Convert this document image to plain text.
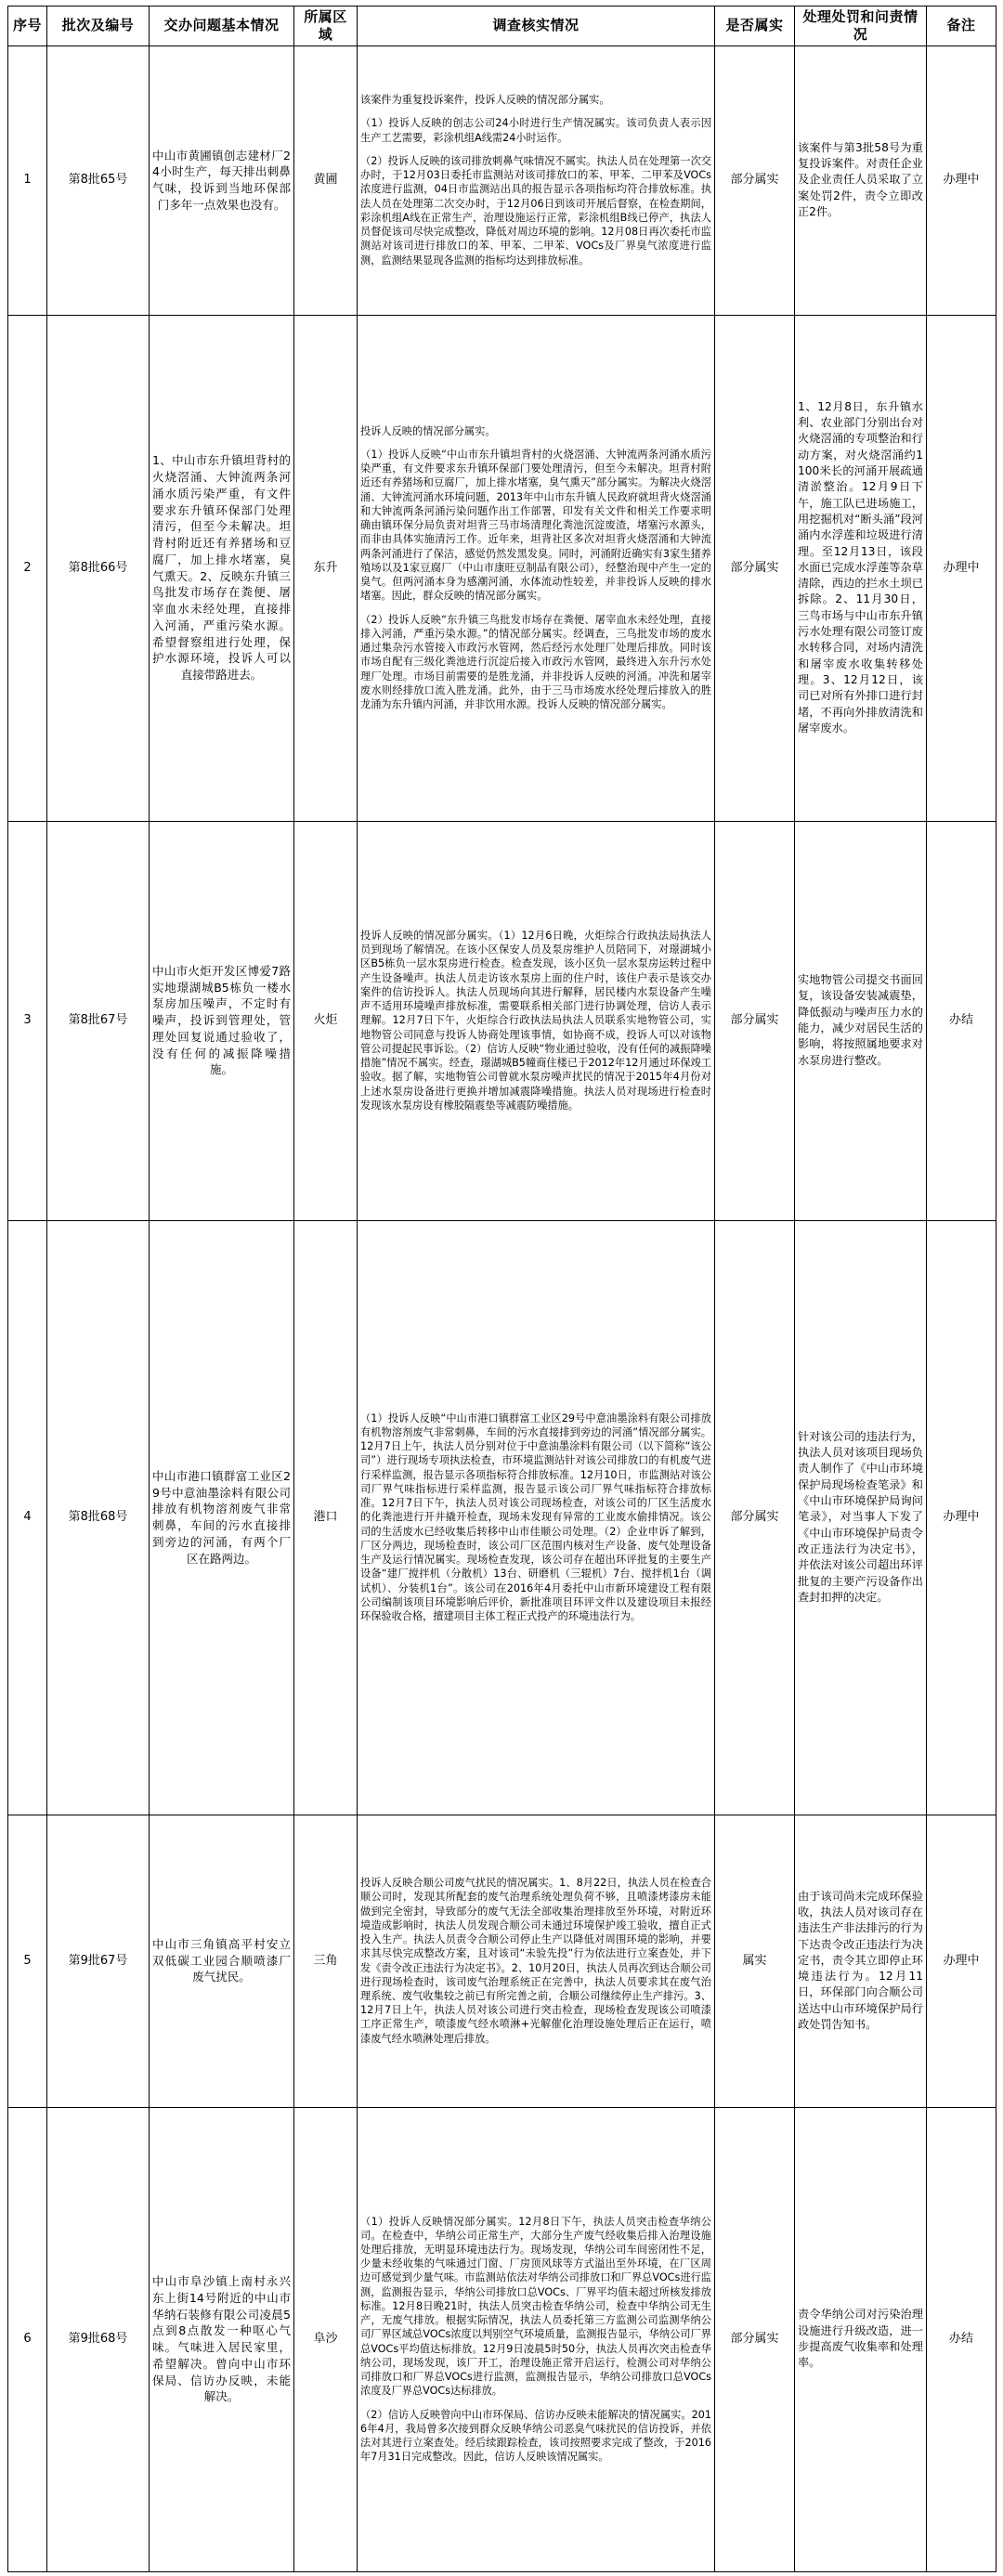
序号	批次及编号	交办问题基本情况	所属区域	调查核实情况	是否属实	处理处罚和问责情况	备注
1	第8批65号	中山市黄圃镇创志建材厂24小时生产，每天排出刺鼻气味，投诉到当地环保部门多年一点效果也没有。	黄圃	该案件为重复投诉案件，投诉人反映的情况部分属实。
（1）投诉人反映的创志公司24小时进行生产情况属实。该司负责人表示因生产工艺需要，彩涂机组A线需24小时运作。
（2）投诉人反映的该司排放刺鼻气味情况不属实。执法人员在处理第一次交办时，于12月03日委托市监测站对该司排放口的苯、甲苯、二甲苯及VOCs浓度进行监测，04日市监测站出具的报告显示各项指标均符合排放标准。执法人员在处理第二次交办时，于12月06日到该司开展后督察，在检查期间，彩涂机组A线在正常生产，治理设施运行正常，彩涂机组B线已停产，执法人员督促该司尽快完成整改，降低对周边环境的影响。12月08日再次委托市监测站对该司进行排放口的苯、甲苯、二甲苯、VOCs及厂界臭气浓度进行监测，监测结果显现各监测的指标均达到排放标准。	部分属实	该案件与第3批58号为重复投诉案件。对责任企业及企业责任人员采取了立案处罚2件，责令立即改正2件。	办理中
2	第8批66号	1、中山市东升镇坦背村的火烧滘涌、大钟流两条河涌水质污染严重，有文件要求东升镇环保部门处理清污，但至今未解决。坦背村附近还有养猪场和豆腐厂，加上排水堵塞，臭气熏天。2、反映东升镇三鸟批发市场存在粪便、屠宰血水未经处理，直接排入河涌，严重污染水源。希望督察组进行处理，保护水源环境，投诉人可以直接带路进去。	东升	
投诉人反映的情况部分属实。
（1）投诉人反映“中山市东升镇坦背村的火烧滘涌、大钟流两条河涌水质污染严重，有文件要求东升镇环保部门要处理清污，但至今未解决。坦背村附近还有养猪场和豆腐厂，加上排水堵塞，臭气熏天”部分属实。为解决火烧滘涌、大钟流河涌水环境问题，2013年中山市东升镇人民政府就坦背火烧滘涌和大钟流两条河涌污染问题作出工作部署，印发有关文件和相关工作要求明确由镇环保分局负责对坦背三马市场清理化粪池沉淀废渣，堵塞污水源头，而非由具体实施清污工作。近年来，坦背社区多次对坦背火烧滘涌和大钟流两条河涌进行了保洁，感觉仍然发黑发臭。同时，河涌附近确实有3家生猪养殖场以及1家豆腐厂（中山市康旺豆制品有限公司），经整治现中产生一定的臭气。但两河涌本身为感潮河涌，水体流动性较差，并非投诉人反映的排水堵塞。因此，群众反映的情况部分属实。
（2）投诉人反映“东升镇三鸟批发市场存在粪便、屠宰血水未经处理，直接排入河涌，严重污染水源。”的情况部分属实。经调查，三鸟批发市场的废水通过集杂污水管接入市政污水管网，然后经污水处理厂处理后排放。同时该市场自配有三级化粪池进行沉淀后接入市政污水管网，最终进入东升污水处理厂处理。市场目前需要的是胜龙涌，并非投诉人反映的河涌。冲洗和屠宰废水则经排放口流入胜龙涌。此外，由于三马市场废水经处理后排放入的胜龙涌为东升镇内河涌，并非饮用水源。投诉人反映的情况部分属实。
	部分属实	1、12月8日，东升镇水利、农业部门分别出台对火烧滘涌的专项整治和行动方案，对火烧滘涌约1100米长的河涌开展疏通清淤整治。12月9日下午，施工队已进场施工，用挖掘机对“断头涌”段河涌内水浮莲和垃圾进行清理。至12月13日，该段水面已完成水浮莲等杂草清除，西边的拦水土坝已拆除。2、11月30日，三鸟市场与中山市东升镇污水处理有限公司签订废水转移合同，对场内清洗和屠宰废水收集转移处理。3、12月12日，该司已对所有外排口进行封堵，不再向外排放清洗和屠宰废水。	办理中
3	第8批67号	中山市火炬开发区博爱7路实地璟湖城B5栋负一楼水泵房加压噪声，不定时有噪声，投诉到管理处，管理处回复说通过验收了，没有任何的减振降噪措施。	火炬	投诉人反映的情况部分属实。（1）12月6日晚，火炬综合行政执法局执法人员到现场了解情况。在该小区保安人员及泵房维护人员陪同下，对璟湖城小区B5栋负一层水泵房进行检查。检查发现，该小区负一层水泵房运转过程中产生设备噪声。执法人员走访该水泵房上面的住户时，该住户表示是该交办案件的信访投诉人。执法人员现场向其进行解释，居民楼内水泵设备产生噪声不适用环境噪声排放标准，需要联系相关部门进行协调处理，信访人表示理解。12月7日下午，火炬综合行政执法局执法人员联系实地物管公司，实地物管公司同意与投诉人协商处理该事情，如协商不成，投诉人可以对该物管公司提起民事诉讼。（2）信访人反映“物业通过验收，没有任何的减振降噪措施”情况不属实。经查，璟湖城B5幢商住楼已于2012年12月通过环保竣工验收。据了解，实地物管公司曾就水泵房噪声扰民的情况于2015年4月份对上述水泵房设备进行更换并增加减震降噪措施。执法人员对现场进行检查时发现该水泵房设有橡胶隔震垫等减震防噪措施。	部分属实	实地物管公司提交书面回复，该设备安装减震垫，降低振动与噪声压力水的能力，减少对居民生活的影响，将按照属地要求对水泵房进行整改。	办结
4	第8批68号	中山市港口镇群富工业区29号中意油墨涂料有限公司排放有机物溶剂废气非常刺鼻，车间的污水直接排到旁边的河涌，有两个厂区在路两边。	港口	（1）投诉人反映“中山市港口镇群富工业区29号中意油墨涂料有限公司排放有机物溶剂废气非常刺鼻，车间的污水直接排到旁边的河涌”情况部分属实。12月7日上午，执法人员分别对位于中意油墨涂料有限公司（以下简称“该公司”）进行现场专项执法检查，市环境监测站针对该公司排放口的有机废气进行采样监测，报告显示各项指标符合排放标准。12月10日，市监测站对该公司厂界气味指标进行采样监测，报告显示该公司厂界气味指标符合排放标准。12月7日下午，执法人员对该公司现场检查，对该公司的厂区生活废水的化粪池进行开井撬开检查，现场未发现有异常的工业废水偷排情况。该公司的生活废水已经收集后转移中山市佳顺公司处理。（2）企业申诉了解到，厂区分两边，现场检查时，该公司厂区范围内核对生产设备、废气处理设备生产及运行情况属实。现场检查发现，该公司存在超出环评批复的主要生产设备“建厂搅拌机（分散机）13台、研磨机（三辊机）7台、搅拌机1台（调试机）、分装机1台”。该公司在2016年4月委托中山市新环境建设工程有限公司编制该项目环境影响后评价，新批准项目环评文件以及建设项目未报经环保验收合格，擅建项目主体工程正式投产的环境违法行为。	部分属实	针对该公司的违法行为，执法人员对该项目现场负责人制作了《中山市环境保护局现场检查笔录》和《中山市环境保护局询问笔录》，对当事人下发了《中山市环境保护局责令改正违法行为决定书》，并依法对该公司超出环评批复的主要产污设备作出查封扣押的决定。	办理中
5	第9批67号	中山市三角镇高平村安立双低碳工业园合顺喷漆厂废气扰民。	三角	投诉人反映合顺公司废气扰民的情况属实。1、8月22日，执法人员在检查合顺公司时，发现其所配套的废气治理系统处理负荷不够，且喷漆烤漆房未能做到完全密封，导致部分的废气无法全部收集治理排放至外环境，对附近环境造成影响时，执法人员发现合顺公司未通过环境保护竣工验收，擅自正式投入生产。执法人员责令合顺公司停止生产以降低对周围环境的影响，并要求其尽快完成整改方案，且对该司“未验先投”行为依法进行立案查处，并下发《责令改正违法行为决定书》。2、10月20日，执法人员再次到达合顺公司进行现场检查时，该司废气治理系统正在完善中，执法人员要求其在废气治理系统、废气收集较之前已有所完善之前，合顺公司继续停止生产排污。3、12月7日上午，执法人员对该公司进行突击检查，现场检查发现该公司喷漆工序正常生产，喷漆废气经水喷淋+光解催化治理设施处理后正在运行，喷漆废气经水喷淋处理后排放。	属实	由于该司尚未完成环保验收，执法人员对该司存在违法生产非法排污的行为下达责令改正违法行为决定书，责令其立即停止环境违法行为。12月11日，环保部门向合顺公司送达中山市环境保护局行政处罚告知书。	办理中
6	第9批68号	中山市阜沙镇上南村永兴东上街14号附近的中山市华纳石装修有限公司凌晨5点到8点散发一种呕心气味。气味进入居民家里，希望解决。曾向中山市环保局、信访办反映，未能解决。	阜沙	（1）投诉人反映情况部分属实。12月8日下午，执法人员突击检查华纳公司。在检查中，华纳公司正常生产，大部分生产废气经收集后排入治理设施处理后排放，无明显环境违法行为。现场发现，华纳公司车间密闭性不足，少量未经收集的气味通过门窗、厂房顶风球等方式溢出至外环境，在厂区周边可感觉到少量气味。市监测站依法对华纳公司排放口和厂界总VOCs进行监测，监测报告显示，华纳公司排放口总VOCs、厂界平均值未超过所核发排放标准。12月8日晚21时，执法人员突击检查华纳公司，检查中华纳公司无生产，无废气排放。根据实际情况，执法人员委托第三方监测公司监测华纳公司厂界区域总VOCs浓度以判别空气环境质量，监测报告显示，华纳公司厂界总VOCs平均值达标排放。12月9日凌晨5时50分，执法人员再次突击检查华纳公司，现场发现，该厂开工，治理设施正常开启运行，检测公司对华纳公司排放口和厂界总VOCs进行监测，监测报告显示，华纳公司排放口总VOCs浓度及厂界总VOCs达标排放。
（2）信访人反映曾向中山市环保局、信访办反映未能解决的情况属实。2016年4月，我局曾多次接到群众反映华纳公司恶臭气味扰民的信访投诉，并依法对其进行立案查处。经后续跟踪检查，该司按照要求完成了整改，于2016年7月31日完成整改。因此，信访人反映该情况属实。	部分属实	责令华纳公司对污染治理设施进行升级改造，进一步提高废气收集率和处理率。	办结
